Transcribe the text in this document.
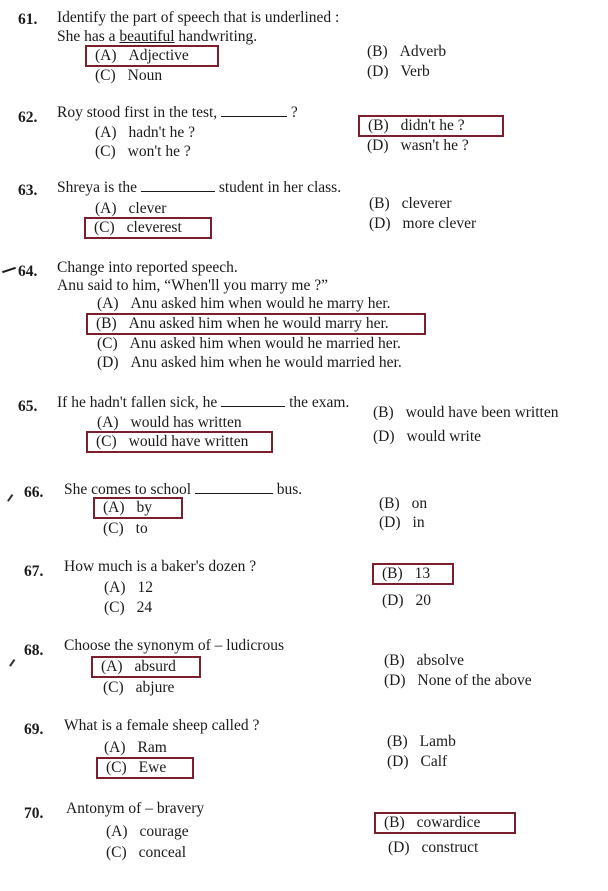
61. Identify the part of speech that is underlined :
She has a beautiful handwriting.
(A) Adjective	(B) Adverb
(C) Noun	(D) Verb
62. Roy stood first in the test,	?
(A) hadn't he ?	(B) didn't he ?
(C) won't he ?	(D) wasn't he ?
63. Shreya is the	student in her class.
(A) clever	(B) cleverer
(C) cleverest	(D) more clever
64. Change into reported speech.
Anu said to him, “When'll you marry me ?”
(A) Anu asked him when would he marry her.
(B) Anu asked him when he would marry her.
(C) Anu asked him when would he married her.
(D) Anu asked him when he would married her.
65. If he hadn't fallen sick, he	the exam.
(A) would has written
(B) would have been written
(C) would have written	(D) would write
66. She comes to school	bus.
(A) by	(B) on
(C) to	(D) in
67. How much is a baker's dozen ?
(A) 12
(B) 13
(C) 24	(D) 20
68. Choose the synonym of – ludicrous
(A) absurd	(B) absolve
(C) abjure	(D) None of the above
69. What is a female sheep called ?
(A) Ram	(B) Lamb
(C) Ewe	(D) Calf
70. Antonym of – bravery
(A) courage
(B) cowardice
(C) conceal	(D) construct
